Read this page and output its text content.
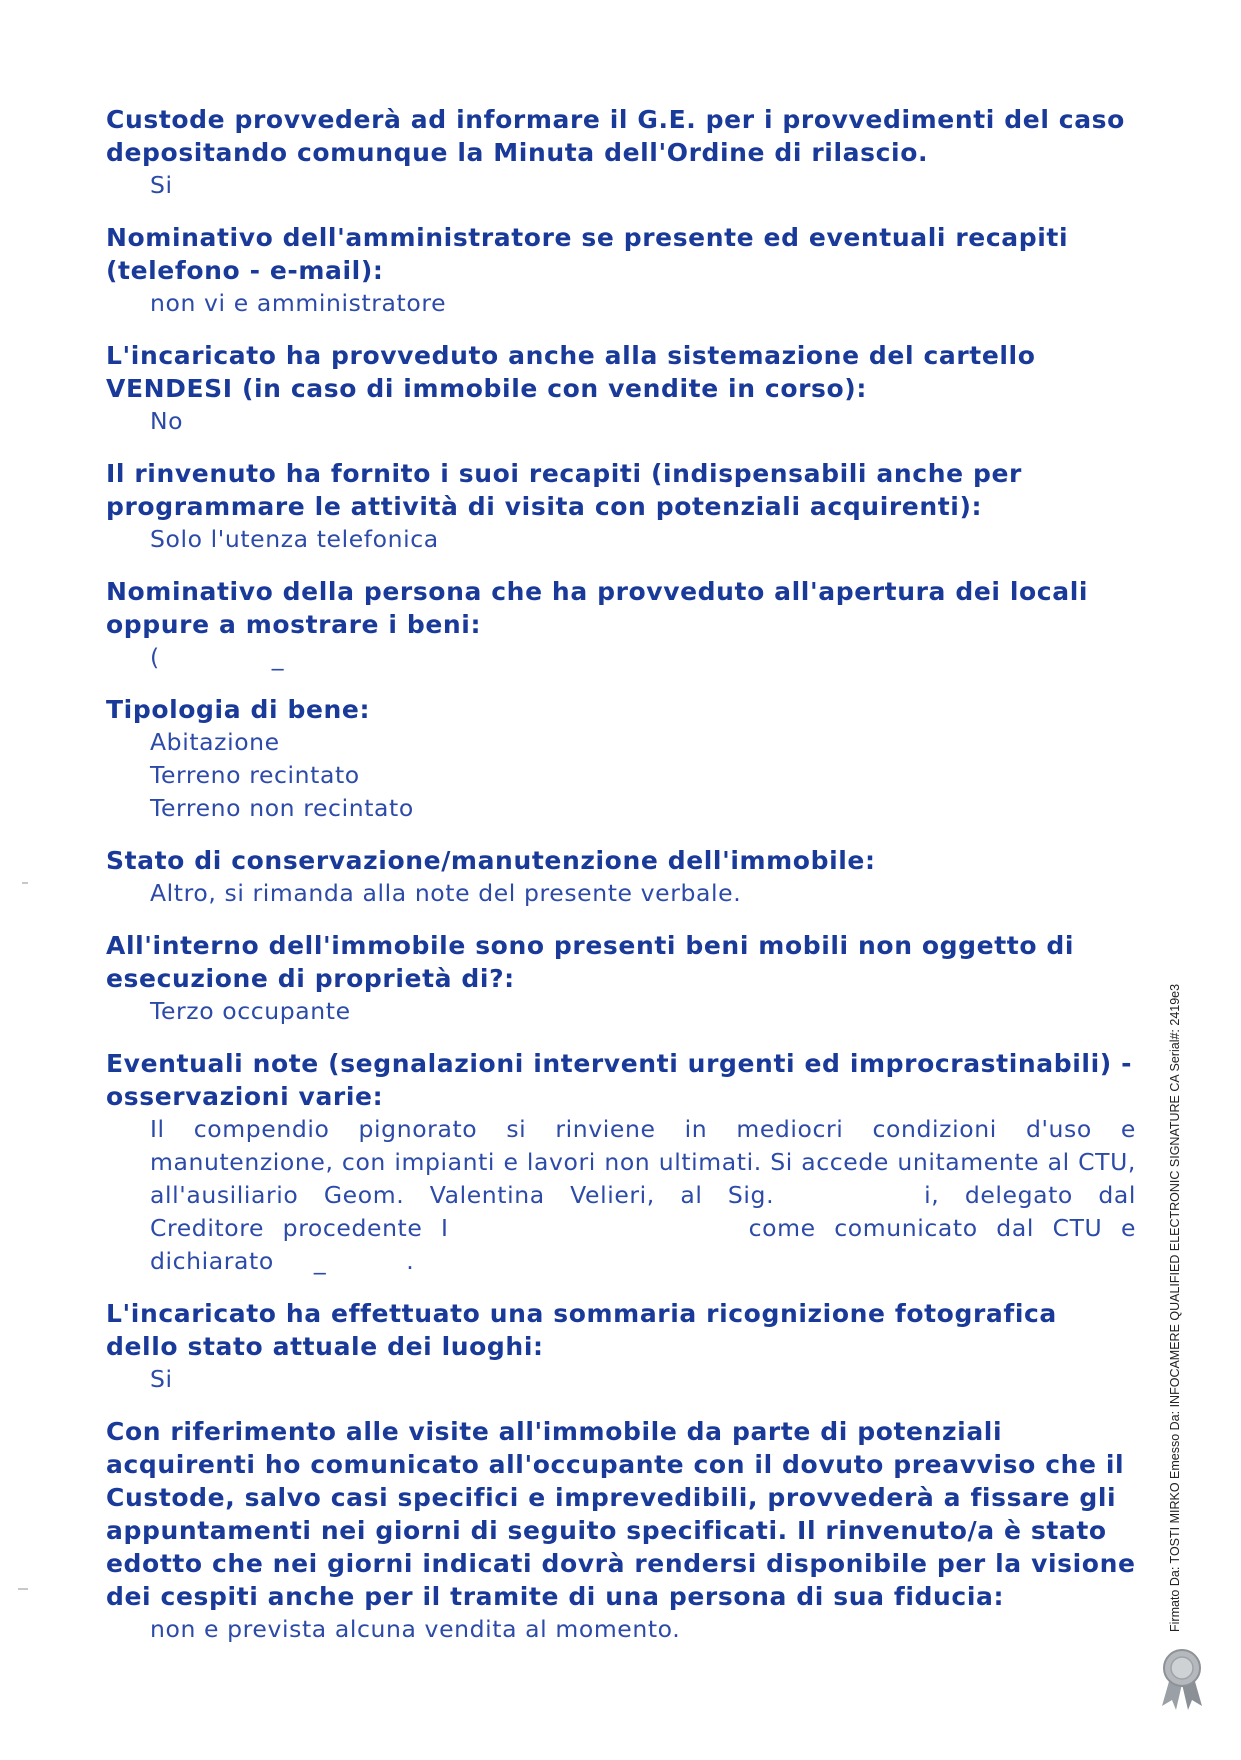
Custode provvederà ad informare il G.E. per i provvedimenti del caso depositando comunque la Minuta dell'Ordine di rilascio.
Si
Nominativo dell'amministratore se presente ed eventuali recapiti (telefono - e-mail):
non vi e amministratore
L'incaricato ha provveduto anche alla sistemazione del cartello VENDESI (in caso di immobile con vendite in corso):
No
Il rinvenuto ha fornito i suoi recapiti (indispensabili anche per programmare le attività di visita con potenziali acquirenti):
Solo l'utenza telefonica
Nominativo della persona che ha provveduto all'apertura dei locali oppure a mostrare i beni:
(	_
Tipologia di bene:
Abitazione
Terreno recintato
Terreno non recintato
Stato di conservazione/manutenzione dell'immobile:
Altro, si rimanda alla note del presente verbale.
All'interno dell'immobile sono presenti beni mobili non oggetto di esecuzione di proprietà di?:
Terzo occupante
Eventuali note (segnalazioni interventi urgenti ed improcrastinabili) - osservazioni varie:
Il compendio pignorato si rinviene in mediocri condizioni d'uso e manutenzione, con impianti e lavori non ultimati. Si accede unitamente al CTU, all'ausiliario Geom. Valentina Velieri, al Sig.	i, delegato dal Creditore procedente I	come comunicato dal CTU e dichiarato _	.
L'incaricato ha effettuato una sommaria ricognizione fotografica dello stato attuale dei luoghi:
Si
Con riferimento alle visite all'immobile da parte di potenziali acquirenti ho comunicato all'occupante con il dovuto preavviso che il Custode, salvo casi specifici e imprevedibili, provvederà a fissare gli appuntamenti nei giorni di seguito specificati. Il rinvenuto/a è stato edotto che nei giorni indicati dovrà rendersi disponibile per la visione dei cespiti anche per il tramite di una persona di sua fiducia:
non e prevista alcuna vendita al momento.	Firmato Da: TOSTI MIRKO Emesso Da: INFOCAMERE QUALIFIED ELECTRONIC SIGNATURE CA Serial#: 2419e3
